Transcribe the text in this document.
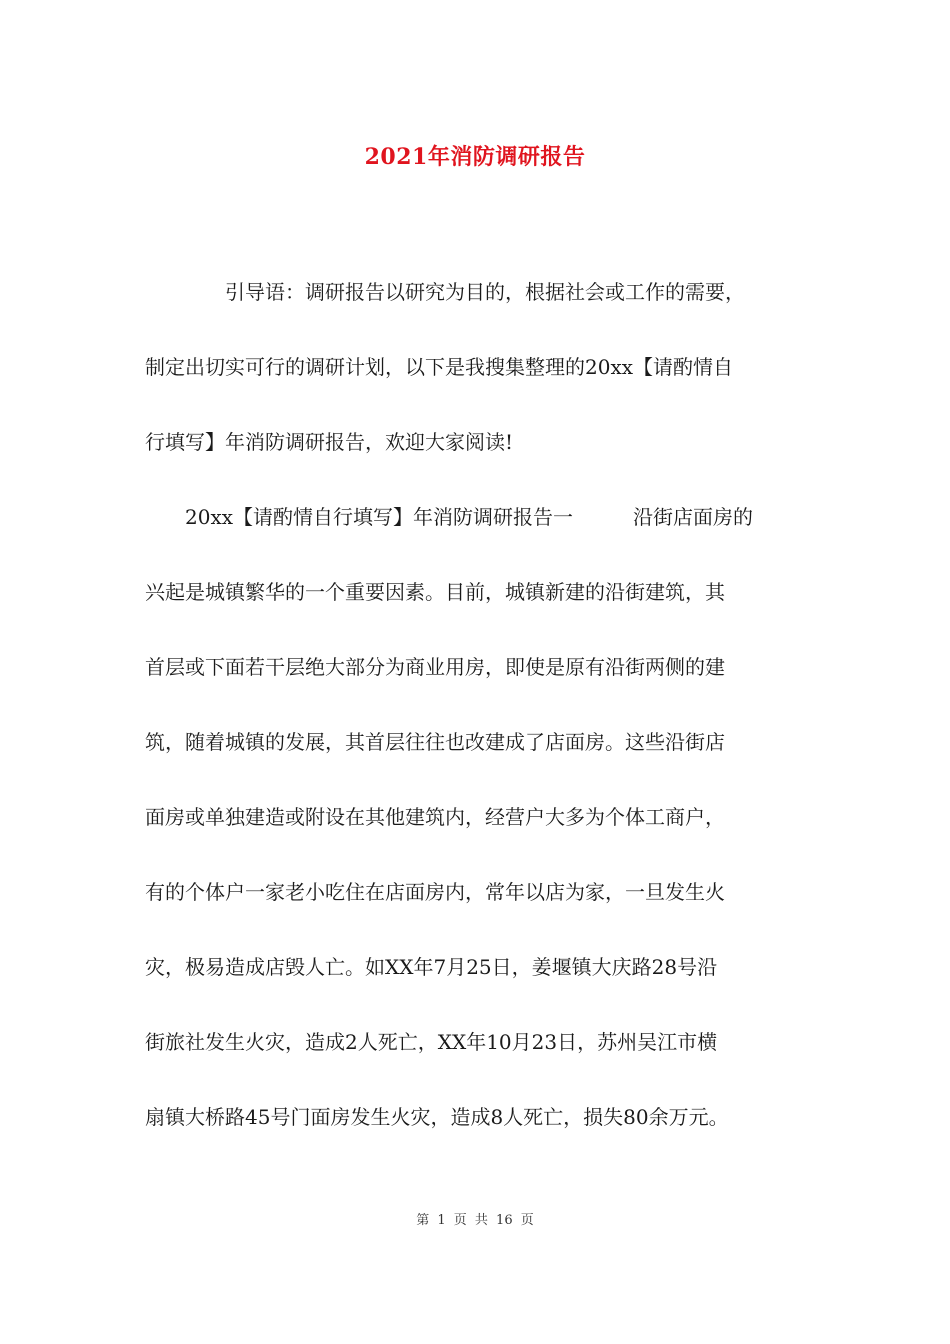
2021年消防调研报告
　　　　引导语：调研报告以研究为目的，根据社会或工作的需要，
制定出切实可行的调研计划，以下是我搜集整理的20xx【请酌情自
行填写】年消防调研报告，欢迎大家阅读!
　　20xx【请酌情自行填写】年消防调研报告一　　　沿街店面房的
兴起是城镇繁华的一个重要因素。目前，城镇新建的沿街建筑，其
首层或下面若干层绝大部分为商业用房，即使是原有沿街两侧的建
筑，随着城镇的发展，其首层往往也改建成了店面房。这些沿街店
面房或单独建造或附设在其他建筑内，经营户大多为个体工商户，
有的个体户一家老小吃住在店面房内，常年以店为家，一旦发生火
灾，极易造成店毁人亡。如XX年7月25日，姜堰镇大庆路28号沿
街旅社发生火灾，造成2人死亡，XX年10月23日，苏州吴江市横
扇镇大桥路45号门面房发生火灾，造成8人死亡，损失80余万元。
第 1 页 共 16 页
